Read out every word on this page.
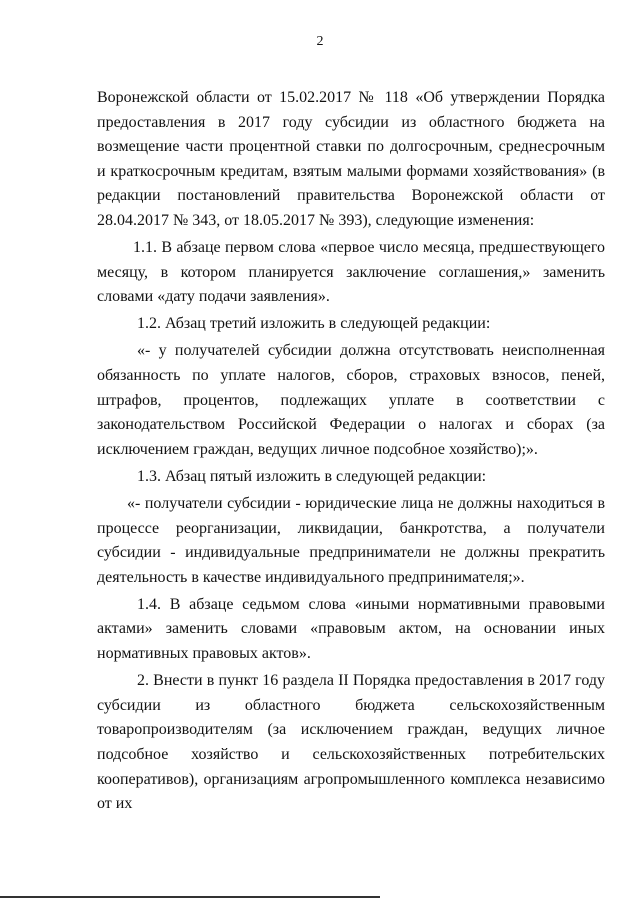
2

Воронежской области от 15.02.2017 № 118 «Об утверждении Порядка предоставления в 2017 году субсидии из областного бюджета на возмещение части процентной ставки по долгосрочным, среднесрочным и краткосрочным кредитам, взятым малыми формами хозяйствования» (в редакции постановлений правительства Воронежской области от 28.04.2017 № 343, от 18.05.2017 № 393), следующие изменения:

1.1. В абзаце первом слова «первое число месяца, предшествующего месяцу, в котором планируется заключение соглашения,» заменить словами «дату подачи заявления».

1.2. Абзац третий изложить в следующей редакции:

«- у получателей субсидии должна отсутствовать неисполненная обязанность по уплате налогов, сборов, страховых взносов, пеней, штрафов, процентов, подлежащих уплате в соответствии с законодательством Российской Федерации о налогах и сборах (за исключением граждан, ведущих личное подсобное хозяйство);».

1.3. Абзац пятый изложить в следующей редакции:

«- получатели субсидии - юридические лица не должны находиться в процессе реорганизации, ликвидации, банкротства, а получатели субсидии - индивидуальные предприниматели не должны прекратить деятельность в качестве индивидуального предпринимателя;».

1.4. В абзаце седьмом слова «иными нормативными правовыми актами» заменить словами «правовым актом, на основании иных нормативных правовых актов».

2. Внести в пункт 16 раздела II Порядка предоставления в 2017 году субсидии из областного бюджета сельскохозяйственным товаропроизводителям (за исключением граждан, ведущих личное подсобное хозяйство и сельскохозяйственных потребительских кооперативов), организациям агропромышленного комплекса независимо от их
